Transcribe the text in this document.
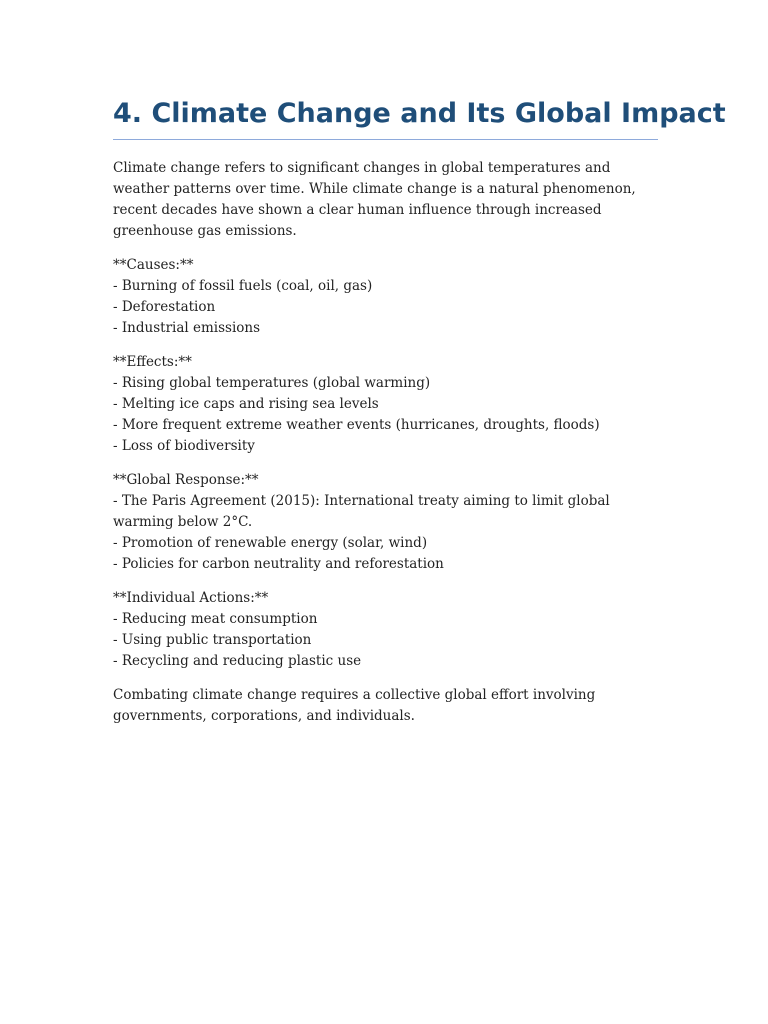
4. Climate Change and Its Global Impact

Climate change refers to significant changes in global temperatures and weather patterns over time. While climate change is a natural phenomenon, recent decades have shown a clear human influence through increased greenhouse gas emissions.

**Causes:**
- Burning of fossil fuels (coal, oil, gas)
- Deforestation
- Industrial emissions
**Effects:**
- Rising global temperatures (global warming)
- Melting ice caps and rising sea levels
- More frequent extreme weather events (hurricanes, droughts, floods)
- Loss of biodiversity
**Global Response:**
- The Paris Agreement (2015): International treaty aiming to limit global warming below 2°C.
- Promotion of renewable energy (solar, wind)
- Policies for carbon neutrality and reforestation
**Individual Actions:**
- Reducing meat consumption
- Using public transportation
- Recycling and reducing plastic use

Combating climate change requires a collective global effort involving governments, corporations, and individuals.
